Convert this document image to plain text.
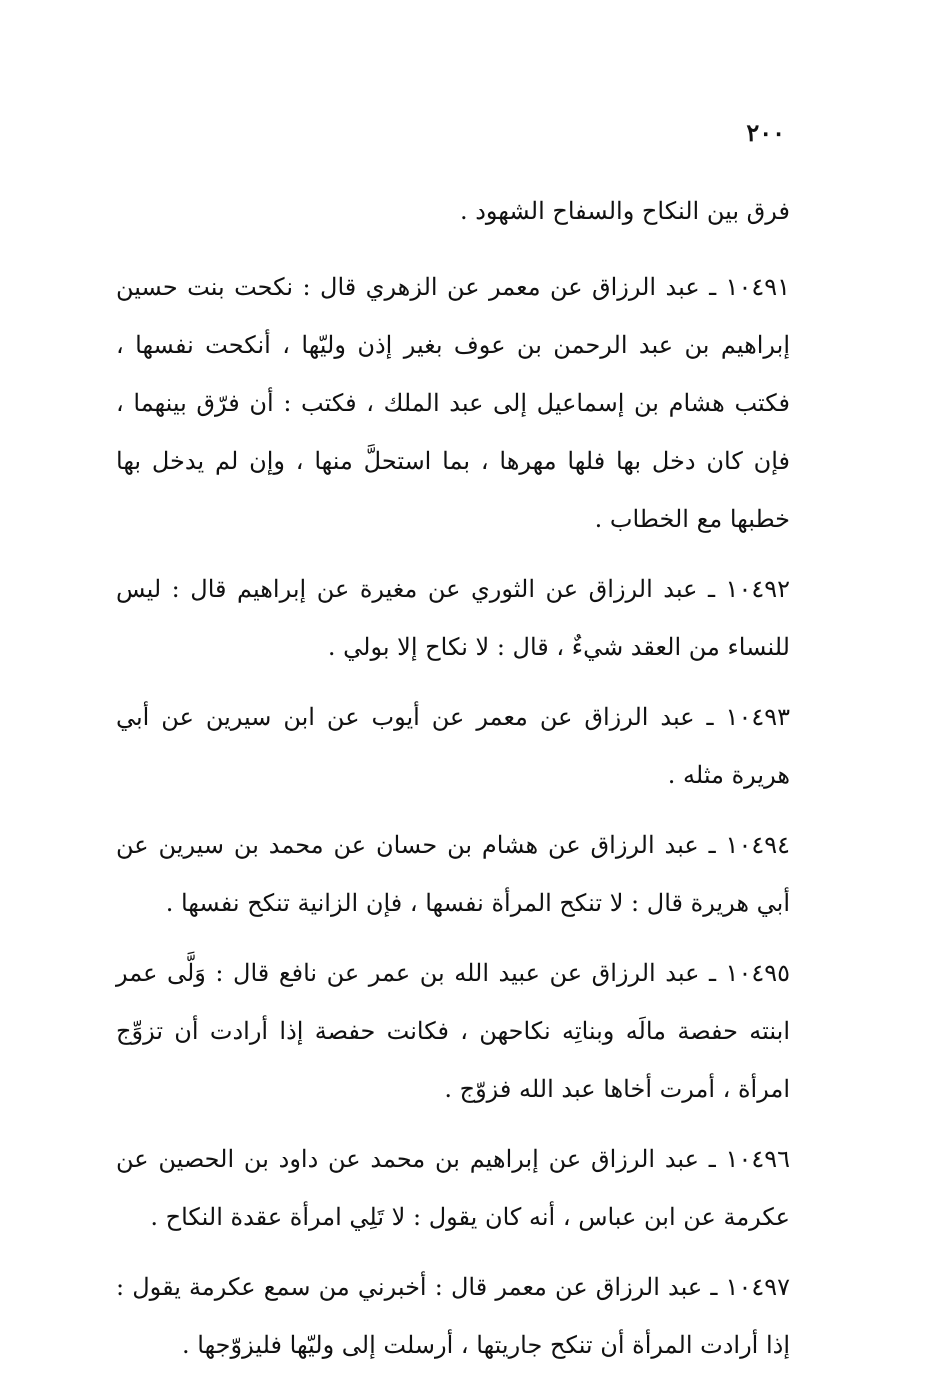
٢٠٠

فرق بين النكاح والسفاح الشهود .

١٠٤٩١ ـ عبد الرزاق عن معمر عن الزهري قال : نكحت بنت حسين إبراهيم بن عبد الرحمن بن عوف بغير إذن وليّها ، أنكحت نفسها ، فكتب هشام بن إسماعيل إلى عبد الملك ، فكتب : أن فرّق بينهما ، فإن كان دخل بها فلها مهرها ، بما استحلَّ منها ، وإن لم يدخل بها خطبها مع الخطاب .

١٠٤٩٢ ـ عبد الرزاق عن الثوري عن مغيرة عن إبراهيم قال : ليس للنساء من العقد شيءٌ ، قال : لا نكاح إلا بولي .

١٠٤٩٣ ـ عبد الرزاق عن معمر عن أيوب عن ابن سيرين عن أبي هريرة مثله .

١٠٤٩٤ ـ عبد الرزاق عن هشام بن حسان عن محمد بن سيرين عن أبي هريرة قال : لا تنكح المرأة نفسها ، فإن الزانية تنكح نفسها .

١٠٤٩٥ ـ عبد الرزاق عن عبيد الله بن عمر عن نافع قال : وَلَّى عمر ابنته حفصة مالَه وبناتِه نكاحهن ، فكانت حفصة إذا أرادت أن تزوِّج امرأة ، أمرت أخاها عبد الله فزوّج .

١٠٤٩٦ ـ عبد الرزاق عن إبراهيم بن محمد عن داود بن الحصين عن عكرمة عن ابن عباس ، أنه كان يقول : لا تَلِي امرأة عقدة النكاح .

١٠٤٩٧ ـ عبد الرزاق عن معمر قال : أخبرني من سمع عكرمة يقول : إذا أرادت المرأة أن تنكح جاريتها ، أرسلت إلى وليّها فليزوّجها .
